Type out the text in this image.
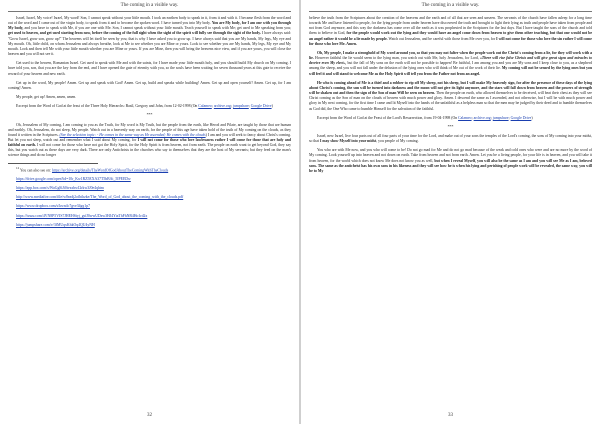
The coming in a visible way.

Israel, Israel, My voice! Israel, My word! Son, I cannot speak without your little mouth. I took an earthen body to speak in it, from it and with it. I became flesh from the word and out of the word and I came out of the virgin body, to speak from it and to become the spoken word. I have turned you into My body. You are My body, for I am one with you through My body, and you have to speak with Me, if you are one with Me. Son, I cannot speak without your little mouth. Teach yourself to speak with Me; get used to Me speaking from you; get used to heaven, and get used starting from now, before the coming of the full sight when the sight of the spirit will fully see through the sight of the body. I have always said: "Grow Israel, grow son, grow up!" The heavens will let itself be seen by you; that is why I have asked you to grow up. I have always said that you are My hands, My legs, My eye and My mouth. Oh, little child, on whom Jerusalem and always breathe, look at Me to see whether you are Mine or yours. Look to see whether you are My hands, My legs, My eye and My mouth. Look and then tell Me with your little mouth whether you are Mine or yours. If you are Mine, then you will bring the heavens nice view, and if you are yours, you will close the heaven and you will not see it.

Get used to the heaven, Romanian Israel. Get used to speak with Me and with the saints, for I have made your little mouth holy, and you should build My church on My coming. I have told you, son, that you are the key from the end, and I have opened the gate of eternity with you, so the souls have been waiting for seven thousand years at this gate to receive the reward of your heaven and new earth.

Get up in the word, My people! Amen. Get up and speak with God! Amen. Get up, build and speaks while building! Amen. Get up and open yourself! Amen. Get up, for I am coming! Amen.

My people, get up! Amen, amen, amen.

Excerpt from the Word of God at the feast of the Three Holy Hierarchs: Basil, Gregory and John, from 12-02-1998 (On Calameo; archive.org; jumpshare; Google Drive)

***

Oh, Jerusalem of My coming, I am coming to you as the Truth, for My word is My Truth, but the people from the earth, like Herod and Pilate, are taught by those that are human and earthly. Oh, Jerusalem, do not sleep, My people. Watch out in a heavenly way on earth, for the people of this age have taken hold of the truth of My coming on the clouds, as they found it written in the Scriptures. (See the selection topic: - He comes in the same way as He ascended; He comes with the clouds) I am and you will seek to fancy about Christ's coming. But let you not sleep, watch out and remember what I said about My coming, for I will not come for those who love lawlessness rather I will come for those that are holy and faithful on earth. I will not come for those who have not got the Holy Spirit, for the Holy Spirit is from heaven, not from earth. The people on earth want to get beyond God, they say this, but you watch out as these days are very dark. There are only Antichrists in the churches who say to themselves that they are the host of My servants; but they feed on the man's science things and do no longer

$^{12}$ You can also see on: https://archive.org/details/TheWordOfGodAboutTheComingWithTheClouds

https://drive.google.com/open?id=10r_Kw1RZ5EXA37T5bBAi_5IPEEDw

https://app.box.com/s/WaGgl6Ji0tvzxbwJ2rkw3J0e4qhtm

http://www.mediafire.com/file/w8eadj2ofhthzke/The_Word_of_God_about_the_coming_with_the_clouds.pdf

https://www.dropbox.com/s/kwn4c7gve34gq1p7

https://issuu.com/4VN8P5VJS7JHEHSiyj_gsfJ0wwUDzw3HJ4YiaThFhNB4Ho1rd2x

https://jumpshare.com/v/3fMUqxKhkOq4QU4yNH

32
The coming in a visible way.

believe the truth from the Scriptures about the creation of the heavens and the earth and of all that are seen and unseen. The servants of the church have fallen asleep for a long time towards Me and have listened to people, for the lying people from under heaven have discovered the truth and brought to light their lying as truth and people have taken from people and not from God anymore, and this way the darkness has come over all the earth as it was prophesied in the Scriptures for the last days. But I have taught the sons of the church and told them to believe in God, for the people would work out the lying and they would have an angel come down from heaven to give them other teaching, but that one would not be an angel rather it would be a lie made by people. Watch out Jerusalem, and be careful with those from Me over you, for I will not come for those who love the sin rather I will come for those who love Me. Amen.

Oh, My people, I make a stronghold of My word around you, so that you may not falter when the people work out the Christ's coming from a lie, for they will work with a lie. However faithful the lie would seem to the lying man, you watch out with Me, holy Jerusalem, for Lord, «There will rise false Christs and will give great signs and miracles to deceive even My elect», but the fall of My sons on the earth will not be possible to happen! Be faithful, I am among you and you are My sons and I keep close to you, as a shepherd among the sheep, and you will not fall under the delusion of the lying ones who will think of Me out of the work of their lie. My coming will not be sensed by the lying ones but you will feel it and will stand to welcome Me as the Holy Spirit will tell you from the Father not from an angel.

He who is coming ahead of Me is a thief and a robber to rip off My sheep, not his sheep, but I will make My heavenly sign, for after the presence of these days of the lying about Christ's coming, the sun will be turned into darkness and the moon will not give its light anymore, and the stars will fall down from heaven and the powers of strength will be shaken out and then the sign of the Son of man Will be seen on heaven. Then the people on earth, who allowed themselves to be deceived, will beat their chest as they will see Christ coming as the Son of man on the clouds of heaven with much power and glory. Amen. I descend the same as I ascended, and not otherwise, but I will be with much power and glory in My next coming, for the first time I came and lit Myself into the hands of the unfaithful as a helpless man so that the men may be judged by their deed and to humble themselves as God did, the One Who came to humble Himself for the salvation of the faithful.

Excerpt from the Word of God at the Feast of the Lord's Resurrection, from 19-04-1998 (On Calameo; archive.org; jumpshare; Google Drive)

***

Israel, new Israel, live four parts out of all four parts of your time for the Lord, and make out of your sons the temples of the Lord's coming, the sons of My coming into your midst, so that I may show Myself into your midst, you people of My coming.

You who are with Me now, and you who will come to be! Do not go mad for Me and do not go mad because of the weak and cold ones who were and are no more by the word of My coming. Look yourself up into heaven and not down on earth. Take from heaven and not from earth. Amen. Let you be a living people, for your life is in heaven, and you will take it from heaven, for the world which does not know Me does not know you as well, but when I reveal Myself, you will also be the same as I am and you will see Me as I am, beloved sons. The same as the antichrist has his own sons in his likeness and they will see how he is when his lying and perishing of people work will be revealed, the same way, you will be to My

33
